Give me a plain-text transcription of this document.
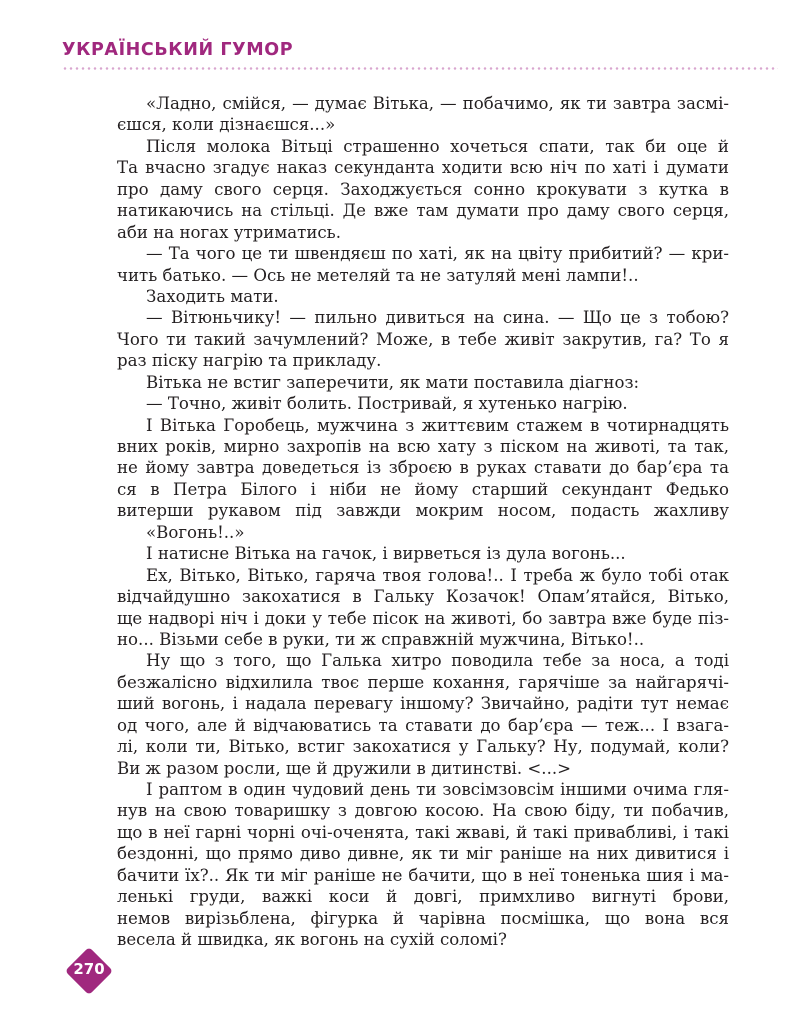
УКРАЇНСЬКИЙ ГУМОР
«Ладно, смійся, — думає Вітька, — побачимо, як ти завтра засмі-
єшся, коли дізнаєшся...»
Після молока Вітьці страшенно хочеться спати, так би оце й
Та вчасно згадує наказ секунданта ходити всю ніч по хаті і думати
про даму свого серця. Заходжується сонно крокувати з кутка в
натикаючись на стільці. Де вже там думати про даму свого серця,
аби на ногах утриматись.
— Та чого це ти швендяєш по хаті, як на цвіту прибитий? — кри-
чить батько. — Ось не метеляй та не затуляй мені лампи!..
Заходить мати.
— Вітюньчику! — пильно дивиться на сина. — Що це з тобою?
Чого ти такий зачумлений? Може, в тебе живіт закрутив, га? То я
раз піску нагрію та прикладу.
Вітька не встиг заперечити, як мати поставила діагноз:
— Точно, живіт болить. Постривай, я хутенько нагрію.
І Вітька Горобець, мужчина з життєвим стажем в чотирнадцять
вних років, мирно захропів на всю хату з піском на животі, та так,
не йому завтра доведеться із зброєю в руках ставати до бар’єра та
ся в Петра Білого і ніби не йому старший секундант Федько
витерши рукавом під завжди мокрим носом, подасть жахливу
«Вогонь!..»
І натисне Вітька на гачок, і вирветься із дула вогонь...
Ех, Вітько, Вітько, гаряча твоя голова!.. І треба ж було тобі отак
відчайдушно закохатися в Гальку Козачок! Опам’ятайся, Вітько,
ще надворі ніч і доки у тебе пісок на животі, бо завтра вже буде піз-
но... Візьми себе в руки, ти ж справжній мужчина, Вітько!..
Ну що з того, що Галька хитро поводила тебе за носа, а тоді
безжалісно відхилила твоє перше кохання, гарячіше за найгарячі-
ший вогонь, і надала перевагу іншому? Звичайно, радіти тут немає
од чого, але й відчаюватись та ставати до бар’єра — теж... І взага-
лі, коли ти, Вітько, встиг закохатися у Гальку? Ну, подумай, коли?
Ви ж разом росли, ще й дружили в дитинстві. <...>
І раптом в один чудовий день ти зовсімзовсім іншими очима гля-
нув на свою товаришку з довгою косою. На свою біду, ти побачив,
що в неї гарні чорні очі-оченята, такі жваві, й такі привабливі, і такі
бездонні, що прямо диво дивне, як ти міг раніше на них дивитися і
бачити їх?.. Як ти міг раніше не бачити, що в неї тоненька шия і ма-
ленькі груди, важкі коси й довгі, примхливо вигнуті брови,
немов вирізьблена, фігурка й чарівна посмішка, що вона вся
весела й швидка, як вогонь на сухій соломі?
270
